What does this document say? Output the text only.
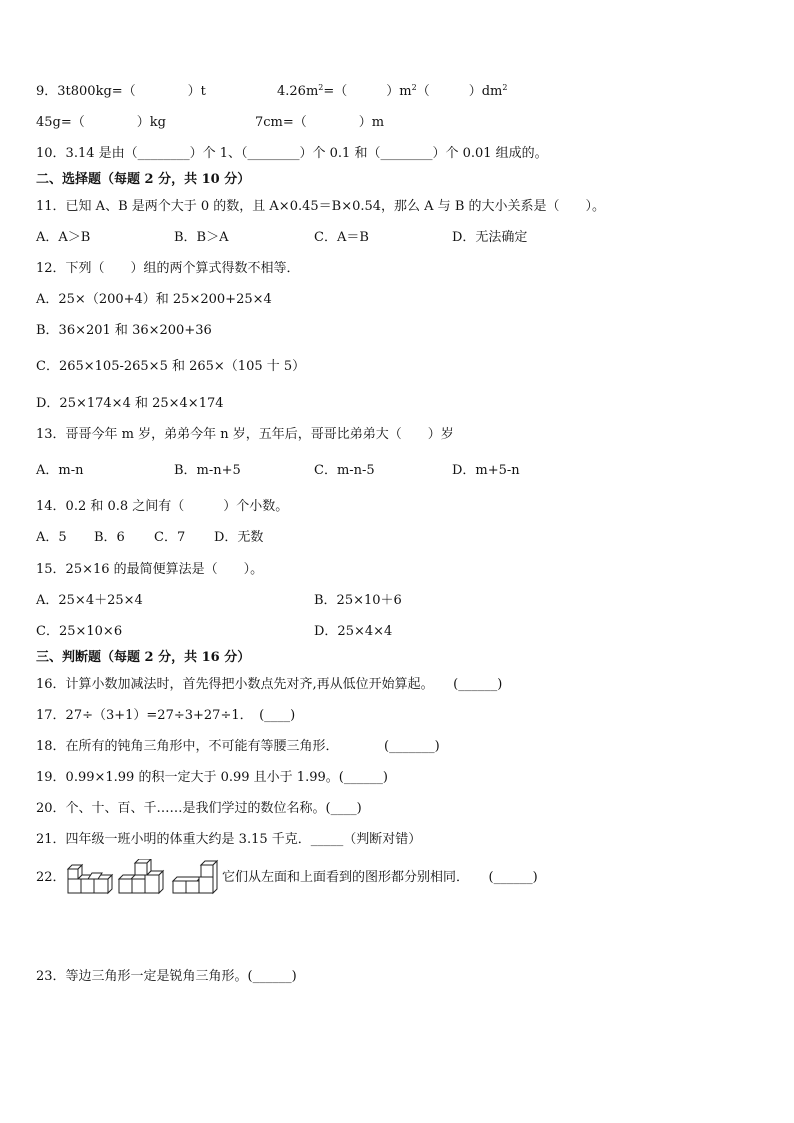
9．3t800kg=（　　　　）t	$4.26m^2=$（　　　）$m^2$（　　　）$dm^2$
45g=（　　　　）kg	7cm=（　　　　）m
10．3.14 是由（________）个 1、（________）个 0.1 和（________）个 0.01 组成的。
二、选择题（每题 2 分，共 10 分）
11．已知 A、B 是两个大于 0 的数，且 A×0.45＝B×0.54，那么 A 与 B 的大小关系是（　　）。
A．A＞B	B．B＞A	C．A＝B	D．无法确定
12．下列（　　）组的两个算式得数不相等．
A．25×（200+4）和 25×200+25×4
B．36×201 和 36×200+36
C．265×105-265×5 和 265×（105 十 5）
D．25×174×4 和 25×4×174
13．哥哥今年 m 岁，弟弟今年 n 岁，五年后，哥哥比弟弟大（　　）岁
A．m-n	B．m-n+5	C．m-n-5	D．m+5-n
14．0.2 和 0.8 之间有（　　　）个小数。
A．5 B．6 C．7 D．无数
15．25×16 的最简便算法是（　　）。
A．25×4＋25×4	B．25×10＋6
C．25×10×6	D．25×4×4
三、判断题（每题 2 分，共 16 分）
16．计算小数加减法时，首先得把小数点先对齐,再从低位开始算起。　　(______)
17．27÷（3+1）=27÷3+27÷1．　(____)
18．在所有的钝角三角形中，不可能有等腰三角形．　　　　(_______)
19．0.99×1.99 的积一定大于 0.99 且小于 1.99。(______)
20．个、十、百、千……是我们学过的数位名称。(____)
21．四年级一班小明的体重大约是 3.15 千克．_____（判断对错）
22．	它们从左面和上面看到的图形都分别相同．　　(______)
23．等边三角形一定是锐角三角形。(______)
